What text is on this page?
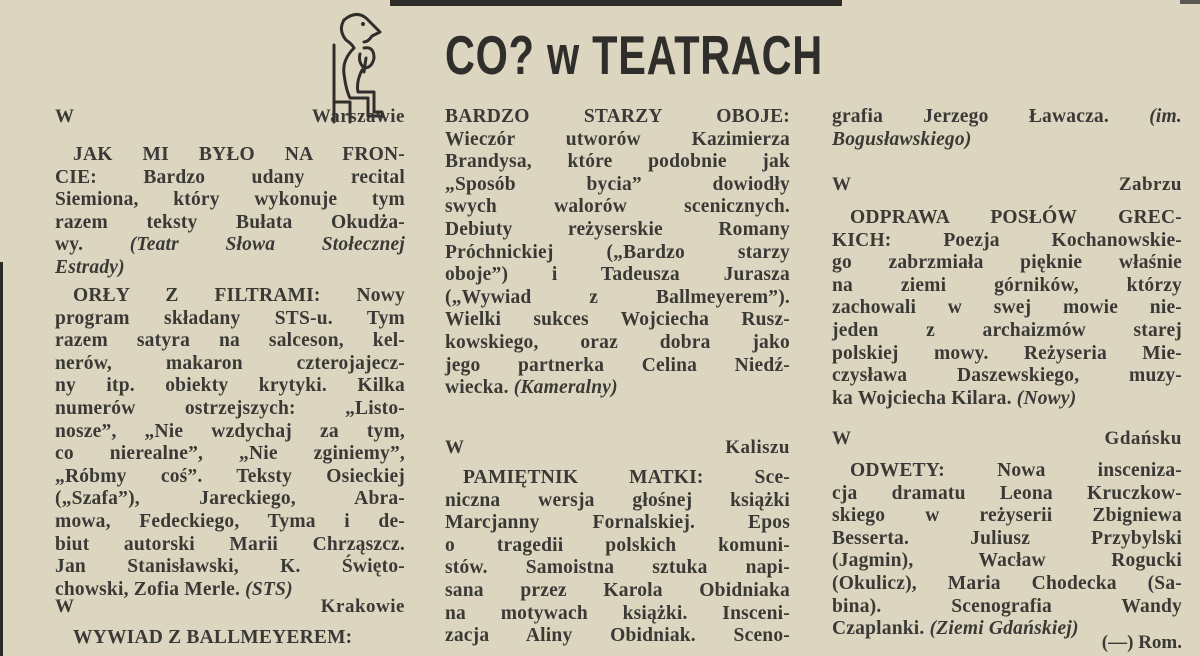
CO? w TEATRACH
(—) Rom.
W Warszawie
JAK MI BYŁO NA FRON-
CIE: Bardzo udany recital
Siemiona, który wykonuje tym
razem teksty Bułata Okudża-
wy. (Teatr Słowa Stołecznej
Estrady)
ORŁY Z FILTRAMI: Nowy
program składany STS-u. Tym
razem satyra na salceson, kel-
nerów, makaron czterojajecz-
ny itp. obiekty krytyki. Kilka
numerów ostrzejszych: „Listo-
nosze”, „Nie wzdychaj za tym,
co nierealne”, „Nie zginiemy”,
„Róbmy coś”. Teksty Osieckiej
(„Szafa”), Jareckiego, Abra-
mowa, Fedeckiego, Tyma i de-
biut autorski Marii Chrząszcz.
Jan Stanisławski, K. Święto-
chowski, Zofia Merle. (STS)
W Krakowie
WYWIAD Z BALLMEYEREM:
BARDZO STARZY OBOJE:
Wieczór utworów Kazimierza
Brandysa, które podobnie jak
„Sposób bycia” dowiodły
swych walorów scenicznych.
Debiuty reżyserskie Romany
Próchnickiej („Bardzo starzy
oboje”) i Tadeusza Jurasza
(„Wywiad z Ballmeyerem”).
Wielki sukces Wojciecha Rusz-
kowskiego, oraz dobra jako
jego partnerka Celina Niedź-
wiecka. (Kameralny)
W Kaliszu
PAMIĘTNIK MATKI: Sce-
niczna wersja głośnej książki
Marcjanny Fornalskiej. Epos
o tragedii polskich komuni-
stów. Samoistna sztuka napi-
sana przez Karola Obidniaka
na motywach książki. Insceni-
zacja Aliny Obidniak. Sceno-
grafia Jerzego Ławacza. (im.
Bogusławskiego)
W Zabrzu
ODPRAWA POSŁÓW GREC-
KICH: Poezja Kochanowskie-
go zabrzmiała pięknie właśnie
na ziemi górników, którzy
zachowali w swej mowie nie-
jeden z archaizmów starej
polskiej mowy. Reżyseria Mie-
czysława Daszewskiego, muzy-
ka Wojciecha Kilara. (Nowy)
W Gdańsku
ODWETY: Nowa insceniza-
cja dramatu Leona Kruczkow-
skiego w reżyserii Zbigniewa
Besserta. Juliusz Przybylski
(Jagmin), Wacław Rogucki
(Okulicz), Maria Chodecka (Sa-
bina). Scenografia Wandy
Czaplanki. (Ziemi Gdańskiej)
